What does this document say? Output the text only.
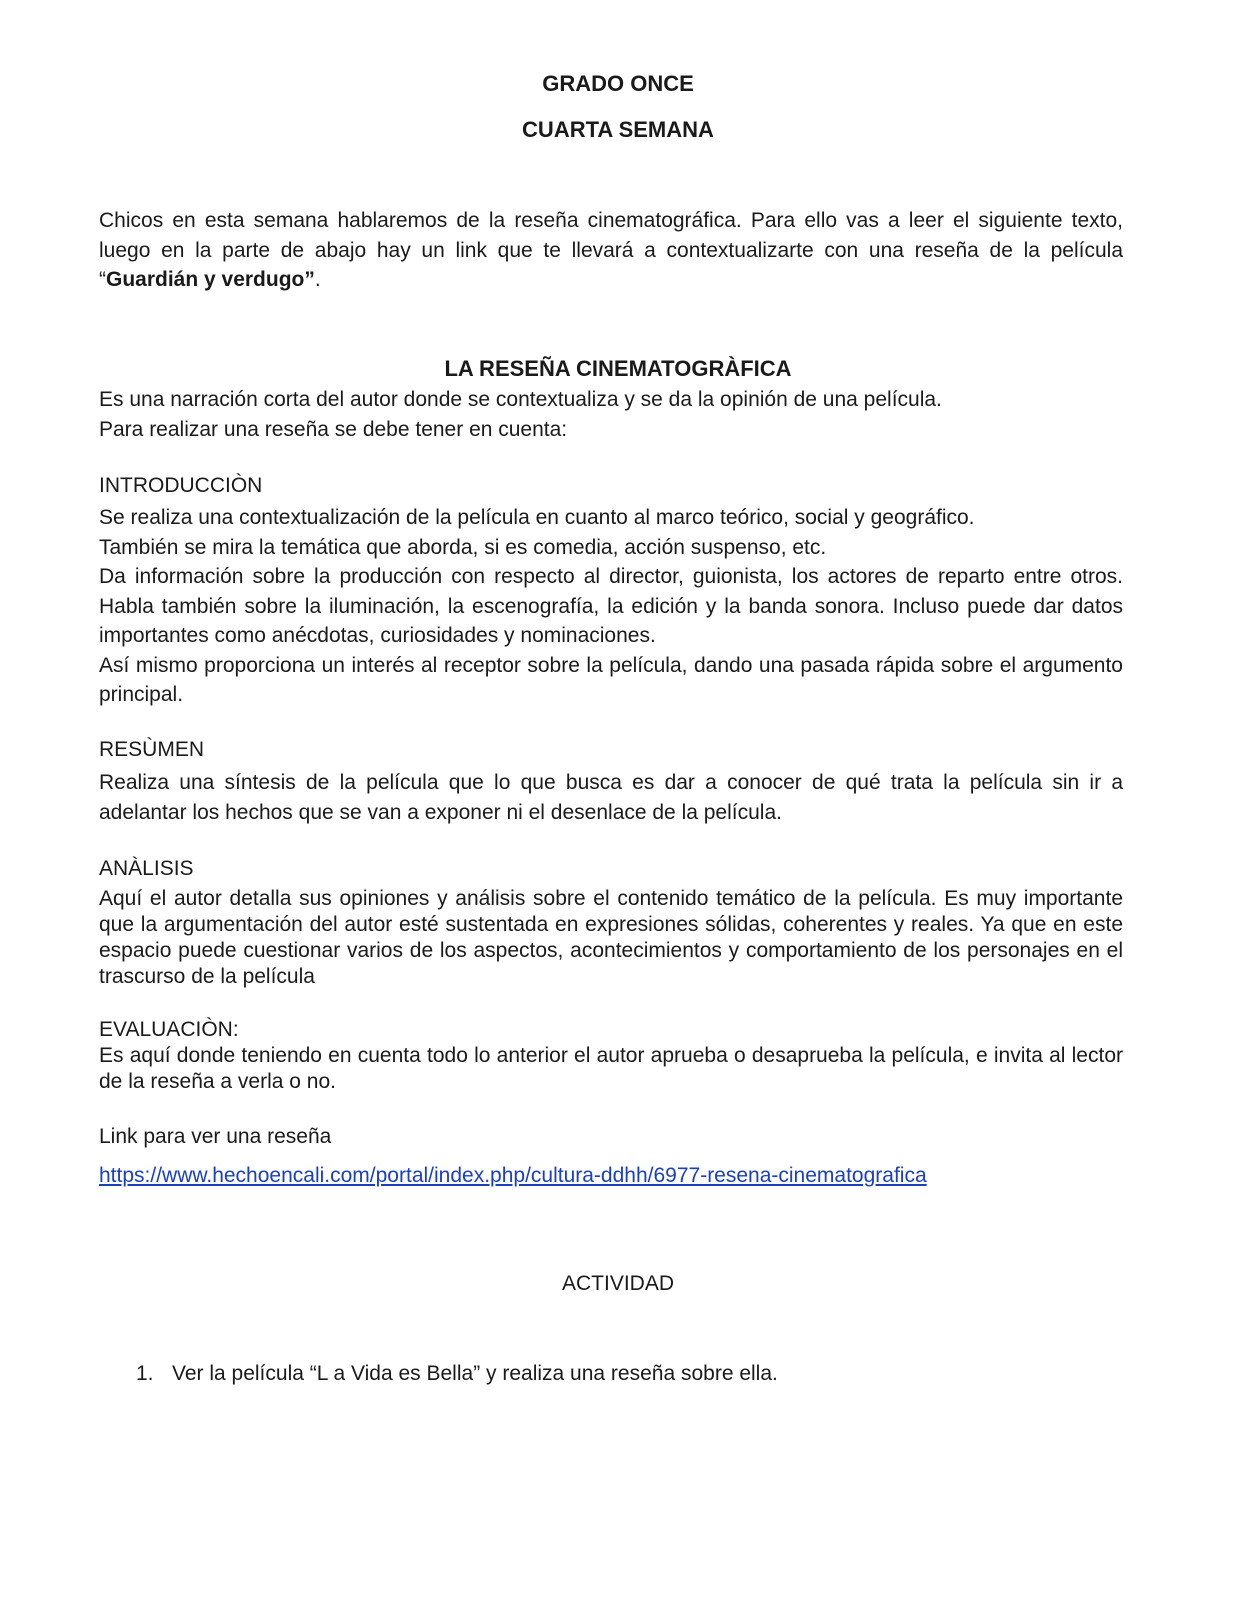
GRADO ONCE
CUARTA SEMANA

Chicos en esta semana hablaremos de la reseña cinematográfica. Para ello vas a leer el siguiente texto, luego en la parte de abajo hay un link que te llevará a contextualizarte con una reseña de la película “Guardián y verdugo”.

LA RESEÑA CINEMATOGRÀFICA

Es una narración corta del autor donde se contextualiza y se da la opinión de una película.

Para realizar una reseña se debe tener en cuenta:

INTRODUCCIÒN
Se realiza una contextualización de la película en cuanto al marco teórico, social y geográfico.
También se mira la temática que aborda, si es comedia, acción suspenso, etc.
Da información sobre la producción con respecto al director, guionista, los actores de reparto entre otros. Habla también sobre la iluminación, la escenografía, la edición y la banda sonora. Incluso puede dar datos importantes como anécdotas, curiosidades y nominaciones.
Así mismo proporciona un interés al receptor sobre la película, dando una pasada rápida sobre el argumento principal.
RESÙMEN

Realiza una síntesis de la película que lo que busca es dar a conocer de qué trata la película sin ir a adelantar los hechos que se van a exponer ni el desenlace de la película.

ANÀLISIS

Aquí el autor detalla sus opiniones y análisis sobre el contenido temático de la película. Es muy importante que la argumentación del autor esté sustentada en expresiones sólidas, coherentes y reales. Ya que en este espacio puede cuestionar varios de los aspectos, acontecimientos y comportamiento de los personajes en el trascurso de la película

EVALUACIÒN:

Es aquí donde teniendo en cuenta todo lo anterior el autor aprueba o desaprueba la película, e invita al lector de la reseña a verla o no.

Link para ver una reseña

https://www.hechoencali.com/portal/index.php/cultura-ddhh/6977-resena-cinematografica

ACTIVIDAD

1. Ver la película “L a Vida es Bella” y realiza una reseña sobre ella.
